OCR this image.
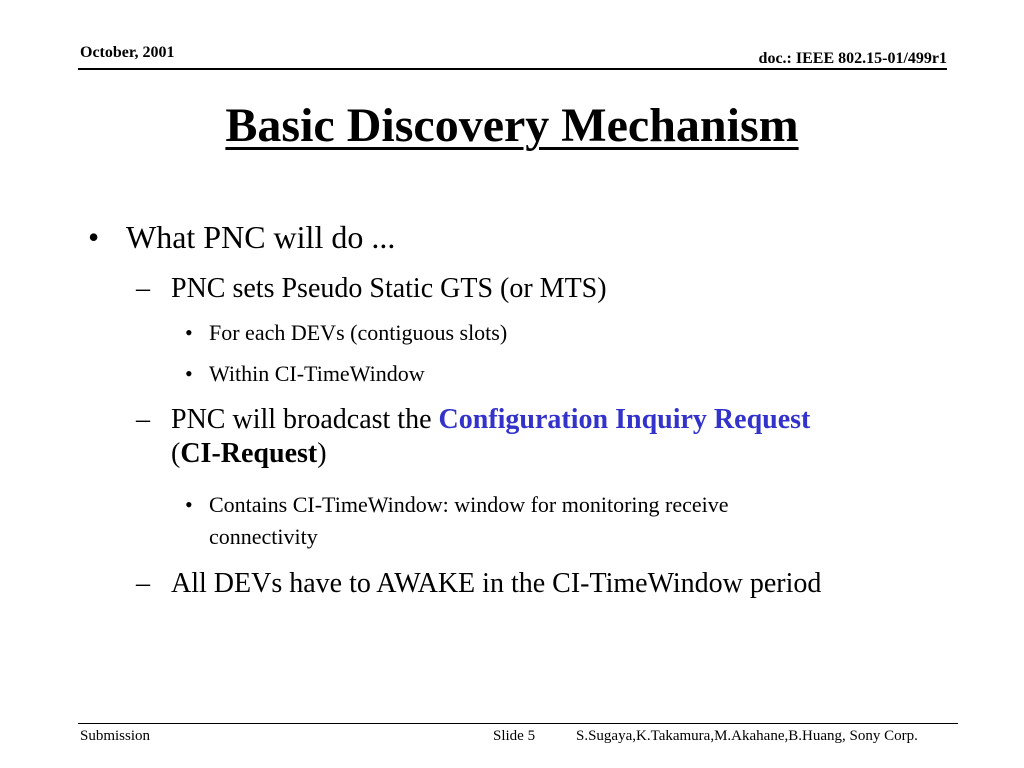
October, 2001	doc.: IEEE 802.15-01/499r1
Basic Discovery Mechanism
• What PNC will do ...
– PNC sets Pseudo Static GTS (or MTS)
• For each DEVs (contiguous slots)
• Within CI-TimeWindow
– PNC will broadcast the Configuration Inquiry Request
(CI-Request)
• Contains CI-TimeWindow: window for monitoring receive
connectivity
– All DEVs have to AWAKE in the CI-TimeWindow period
Submission	Slide 5	S.Sugaya,K.Takamura,M.Akahane,B.Huang, Sony Corp.
